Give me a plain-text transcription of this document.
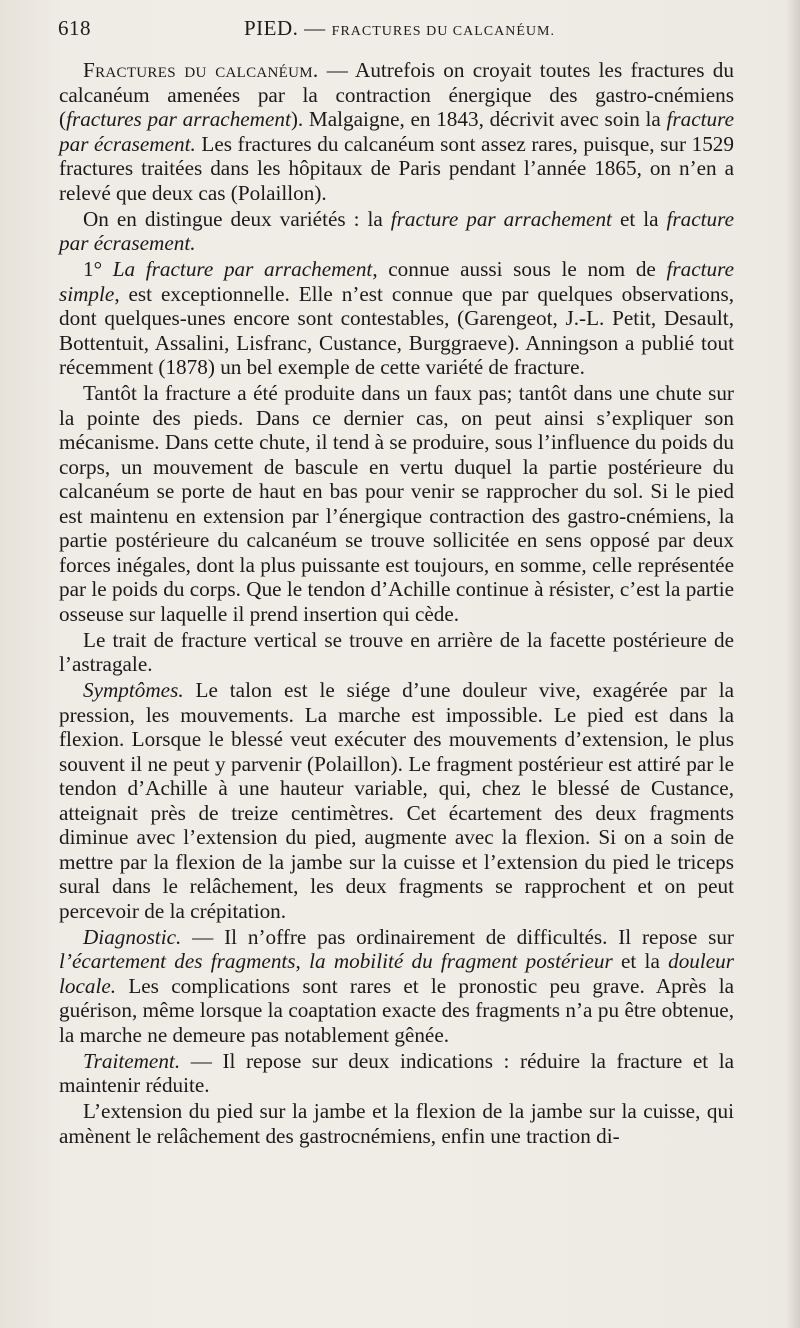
618	PIED. — FRACTURES DU CALCANÉUM.

Fractures du calcanéum. — Autrefois on croyait toutes les fractures du calcanéum amenées par la contraction énergique des gastro-cnémiens (fractures par arrachement). Malgaigne, en 1843, décrivit avec soin la fracture par écrasement. Les fractures du calcanéum sont assez rares, puisque, sur 1529 fractures traitées dans les hôpitaux de Paris pendant l’année 1865, on n’en a relevé que deux cas (Polaillon).

On en distingue deux variétés : la fracture par arrachement et la fracture par écrasement.

1° La fracture par arrachement, connue aussi sous le nom de fracture simple, est exceptionnelle. Elle n’est connue que par quelques observations, dont quelques-unes encore sont contestables, (Garengeot, J.-L. Petit, Desault, Bottentuit, Assalini, Lisfranc, Custance, Burggraeve). Anningson a publié tout récemment (1878) un bel exemple de cette variété de fracture.

Tantôt la fracture a été produite dans un faux pas; tantôt dans une chute sur la pointe des pieds. Dans ce dernier cas, on peut ainsi s’expliquer son mécanisme. Dans cette chute, il tend à se produire, sous l’influence du poids du corps, un mouvement de bascule en vertu duquel la partie postérieure du calcanéum se porte de haut en bas pour venir se rapprocher du sol. Si le pied est maintenu en extension par l’énergique contraction des gastro-cnémiens, la partie postérieure du calcanéum se trouve sollicitée en sens opposé par deux forces inégales, dont la plus puissante est toujours, en somme, celle représentée par le poids du corps. Que le tendon d’Achille continue à résister, c’est la partie osseuse sur laquelle il prend insertion qui cède.

Le trait de fracture vertical se trouve en arrière de la facette postérieure de l’astragale.

Symptômes. Le talon est le siége d’une douleur vive, exagérée par la pression, les mouvements. La marche est impossible. Le pied est dans la flexion. Lorsque le blessé veut exécuter des mouvements d’extension, le plus souvent il ne peut y parvenir (Polaillon). Le fragment postérieur est attiré par le tendon d’Achille à une hauteur variable, qui, chez le blessé de Custance, atteignait près de treize centimètres. Cet écartement des deux fragments diminue avec l’extension du pied, augmente avec la flexion. Si on a soin de mettre par la flexion de la jambe sur la cuisse et l’extension du pied le triceps sural dans le relâchement, les deux fragments se rapprochent et on peut percevoir de la crépitation.

Diagnostic. — Il n’offre pas ordinairement de difficultés. Il repose sur l’écartement des fragments, la mobilité du fragment postérieur et la douleur locale. Les complications sont rares et le pronostic peu grave. Après la guérison, même lorsque la coaptation exacte des fragments n’a pu être obtenue, la marche ne demeure pas notablement gênée.

Traitement. — Il repose sur deux indications : réduire la fracture et la maintenir réduite.

L’extension du pied sur la jambe et la flexion de la jambe sur la cuisse, qui amènent le relâchement des gastrocnémiens, enfin une traction di-
